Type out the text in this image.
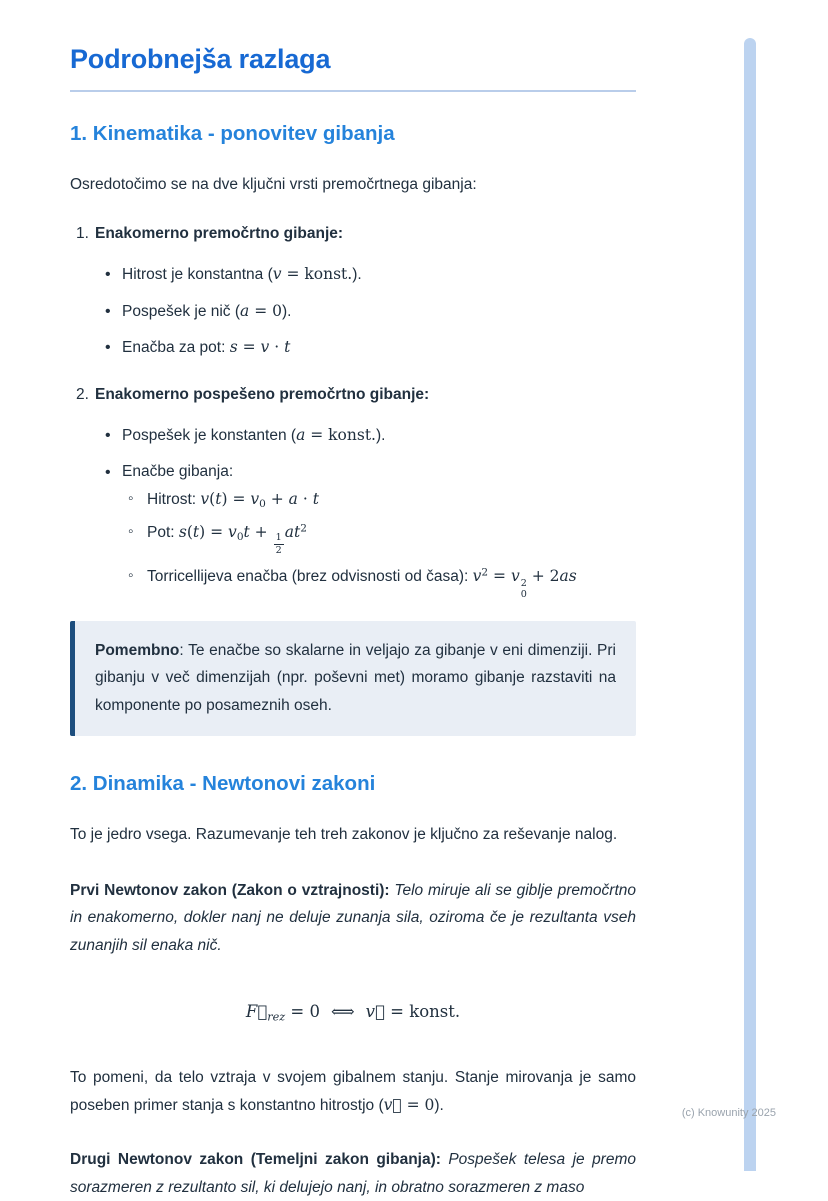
Podrobnejša razlaga
1. Kinematika - ponovitev gibanja

Osredotočimo se na dve ključni vrsti premočrtnega gibanja:

1. Enakomerno premočrtno gibanje:
• Hitrost je konstantna (v = konst.).
• Pospešek je nič (a = 0).
• Enačba za pot: s = v · t
2. Enakomerno pospešeno premočrtno gibanje:
• Pospešek je konstanten (a = konst.).
• Enačbe gibanja:
◦ Hitrost: $v(t) = v_0 + a \cdot t$
◦ Pot: $s(t) = v_0t$ +
$\frac{1}{2}$
$at^2$
◦ Torricellijeva enačba (brez odvisnosti od časa): $v^2 = v$ 2
0
+ 2as

Pomembno: Te enačbe so skalarne in veljajo za gibanje v eni dimenziji. Pri gibanju v več dimenzijah (npr. poševni met) moramo gibanje razstaviti na komponente po posameznih oseh.

2. Dinamika - Newtonovi zakoni

To je jedro vsega. Razumevanje teh treh zakonov je ključno za reševanje nalog.

Prvi Newtonov zakon (Zakon o vztrajnosti): Telo miruje ali se giblje premočrtno in enakomerno, dokler nanj ne deluje zunanja sila, oziroma če je rezultanta vseh zunanjih sil enaka nič.

$F⃗_{rez} = 0$ ⟺ v⃗ = konst.

To pomeni, da telo vztraja v svojem gibalnem stanju. Stanje mirovanja je samo poseben primer stanja s konstantno hitrostjo (v⃗ = 0).

Drugi Newtonov zakon (Temeljni zakon gibanja): Pospešek telesa je premo sorazmeren z rezultanto sil, ki delujejo nanj, in obratno sorazmeren z maso

(c) Knowunity 2025
